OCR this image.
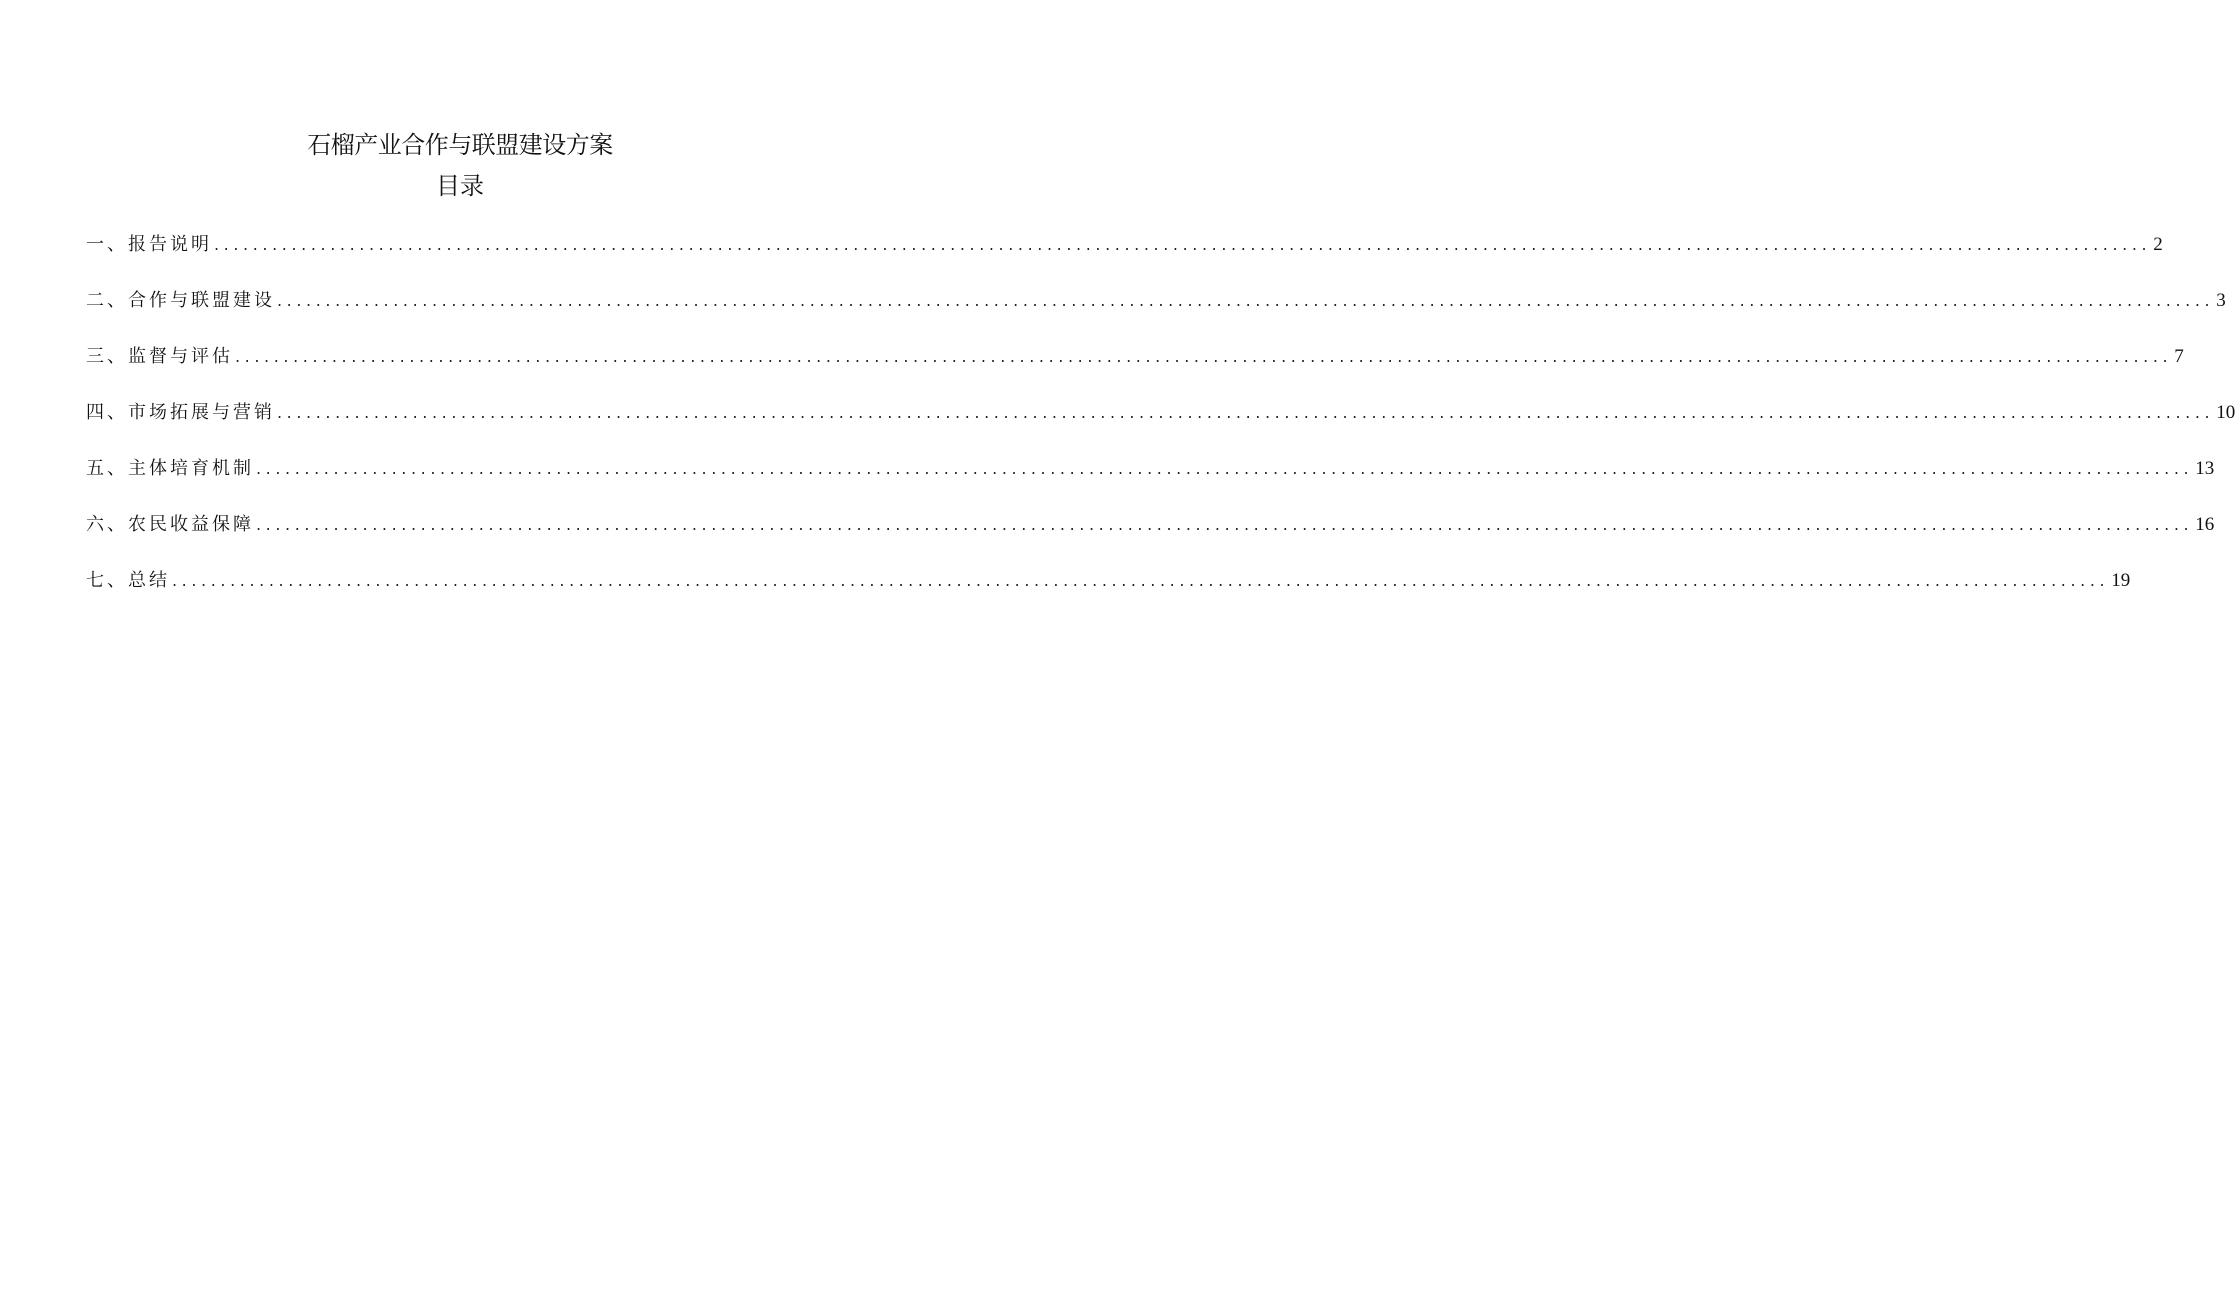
石榴产业合作与联盟建设方案
目录
一、报告说明 ........................................................................................................................................................................................................ 2
二、合作与联盟建设 ........................................................................................................................................................................................................ 3
三、监督与评估 ........................................................................................................................................................................................................ 7
四、市场拓展与营销 ........................................................................................................................................................................................................ 10
五、主体培育机制 ........................................................................................................................................................................................................ 13
六、农民收益保障 ........................................................................................................................................................................................................ 16
七、总结 ........................................................................................................................................................................................................ 19
